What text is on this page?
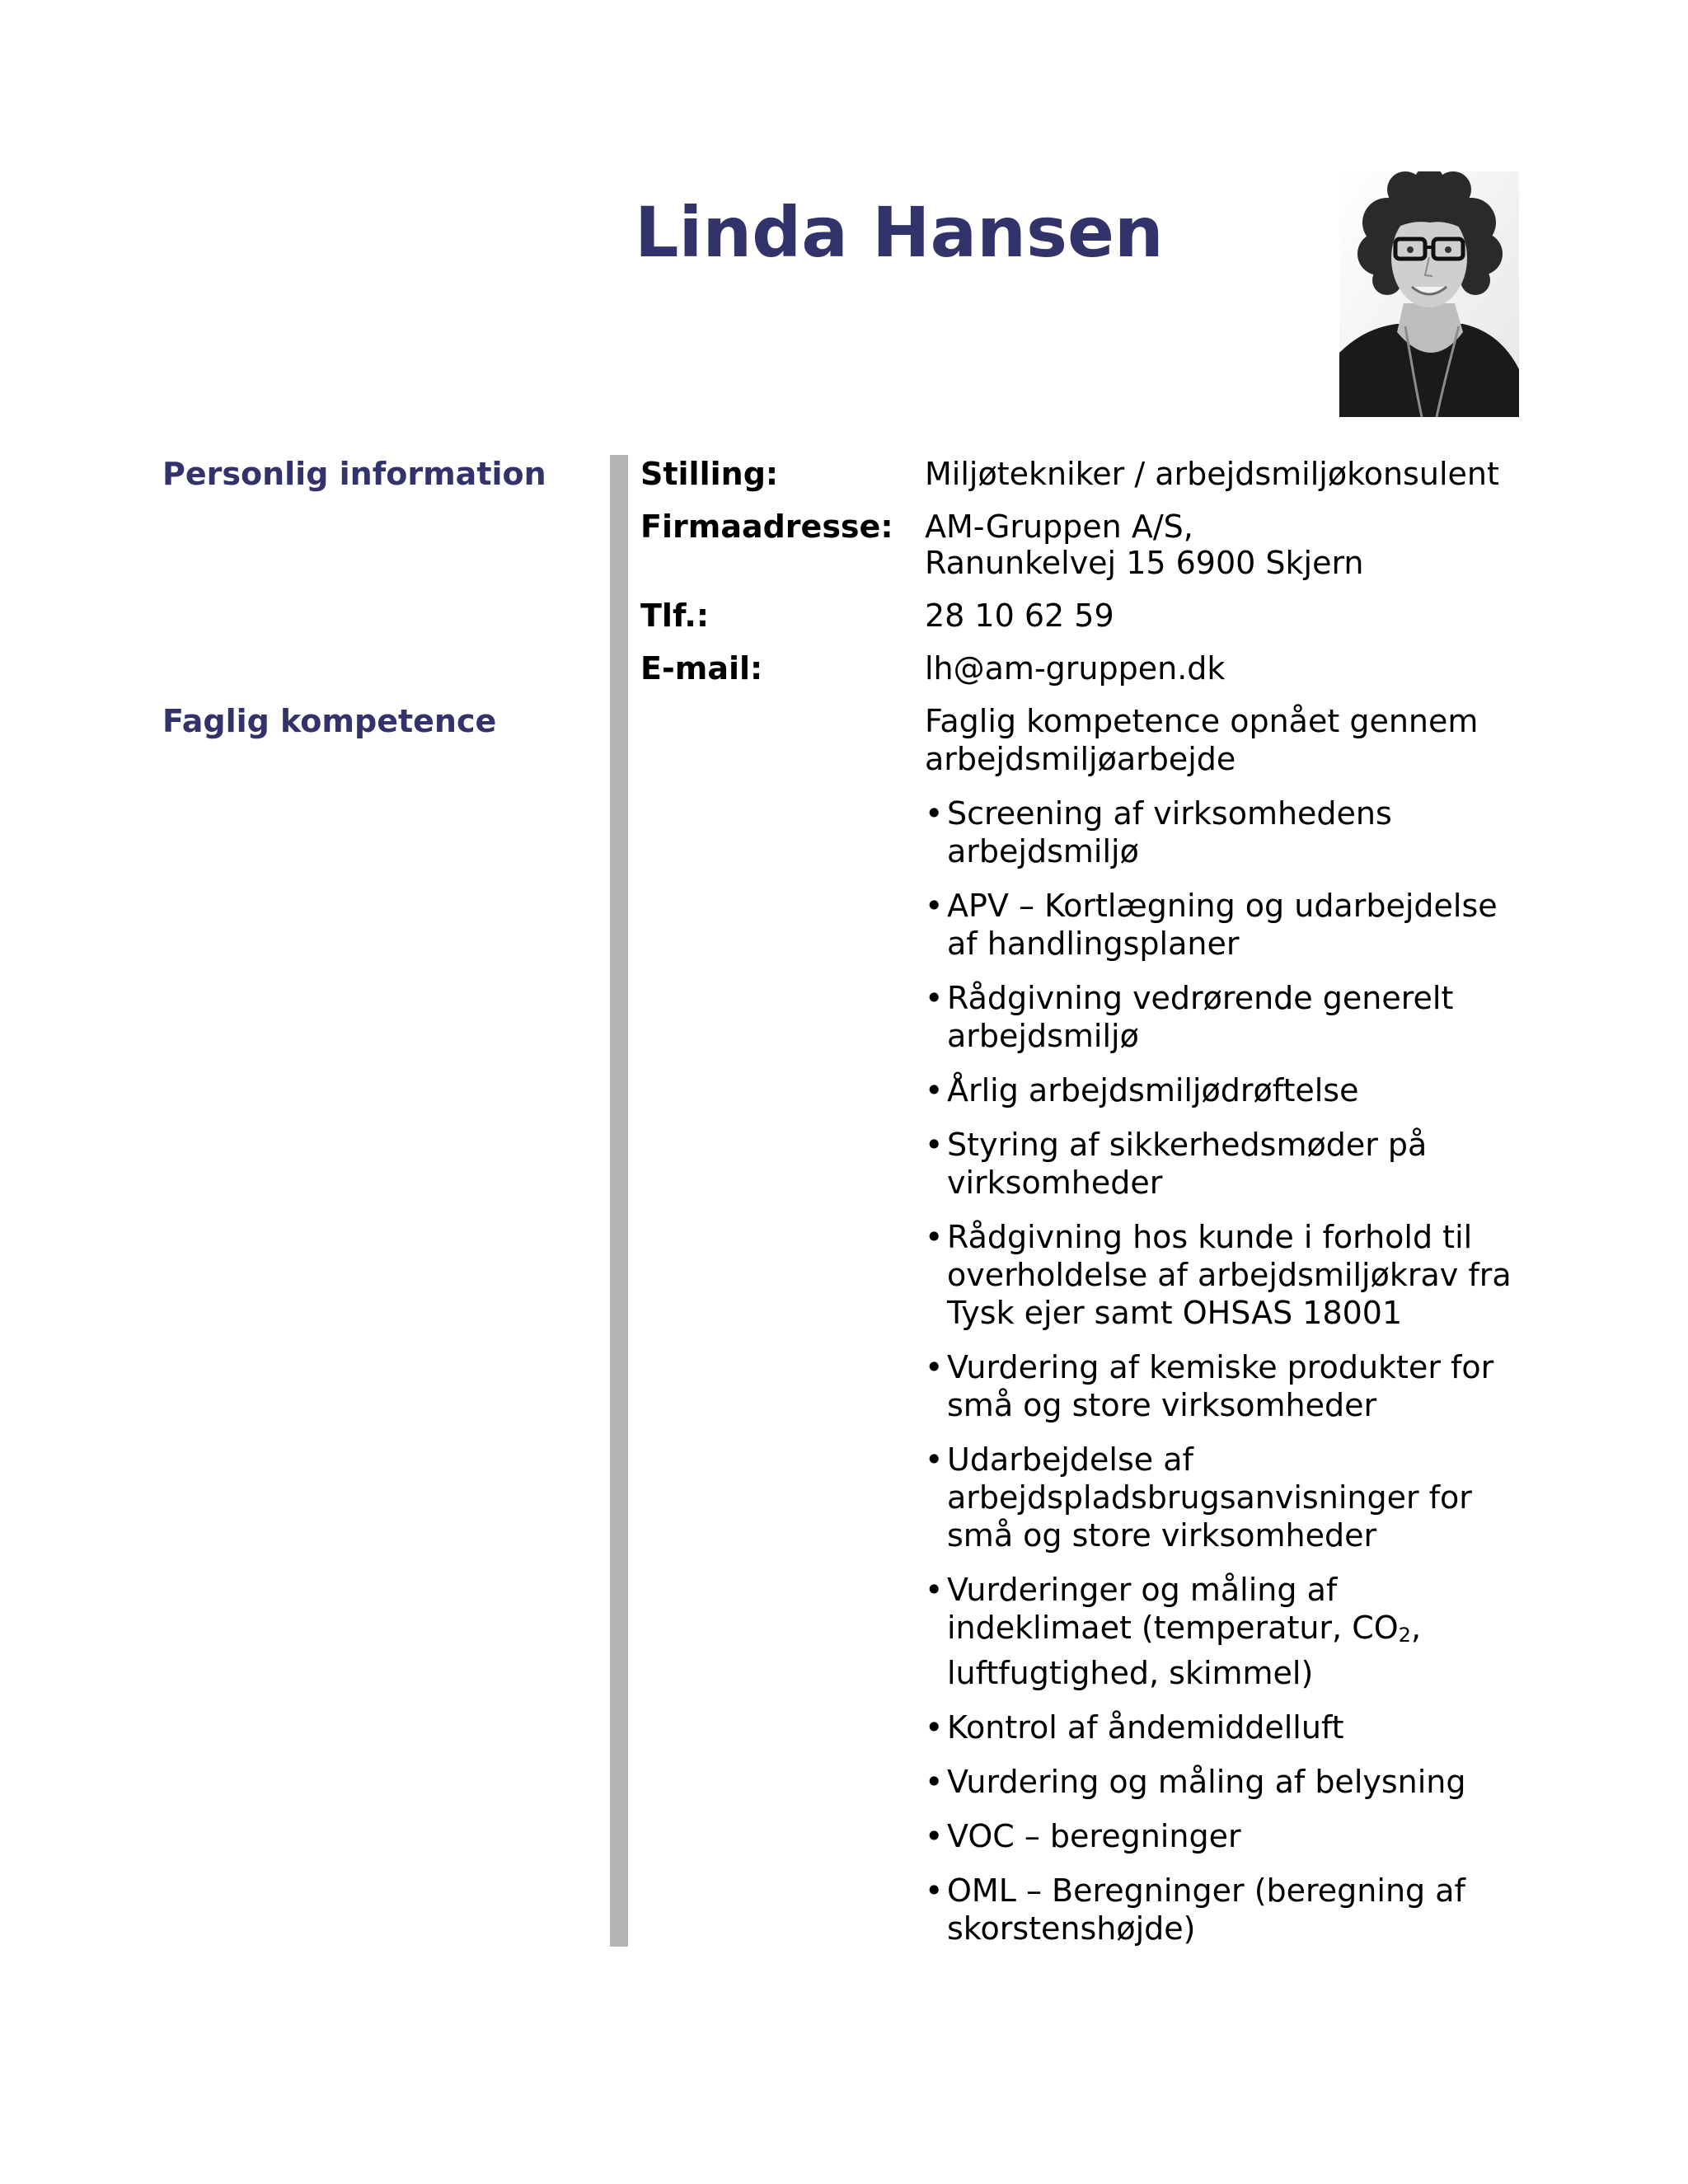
Linda Hansen
Personlig information
Faglig kompetence
Stilling:	Miljøtekniker / arbejdsmiljøkonsulent
Firmaadresse: AM-Gruppen A/S,
Ranunkelvej 15 6900 Skjern
Tlf.:	28 10 62 59
E-mail:	lh@am-gruppen.dk

Faglig kompetence opnået gennem arbejdsmiljøarbejde

• Screening af virksomhedens arbejdsmiljø
• APV – Kortlægning og udarbejdelse af handlingsplaner
• Rådgivning vedrørende generelt arbejdsmiljø
• Årlig arbejdsmiljødrøftelse
• Styring af sikkerhedsmøder på virksomheder
• Rådgivning hos kunde i forhold til overholdelse af arbejdsmiljøkrav fra Tysk ejer samt OHSAS 18001
• Vurdering af kemiske produkter for små og store virksomheder
• Udarbejdelse af arbejdspladsbrugsanvisninger for små og store virksomheder
• Vurderinger og måling af indeklimaet (temperatur, CO2, luftfugtighed, skimmel)
• Kontrol af åndemiddelluft
• Vurdering og måling af belysning
• VOC – beregninger
• OML – Beregninger (beregning af skorstenshøjde)
